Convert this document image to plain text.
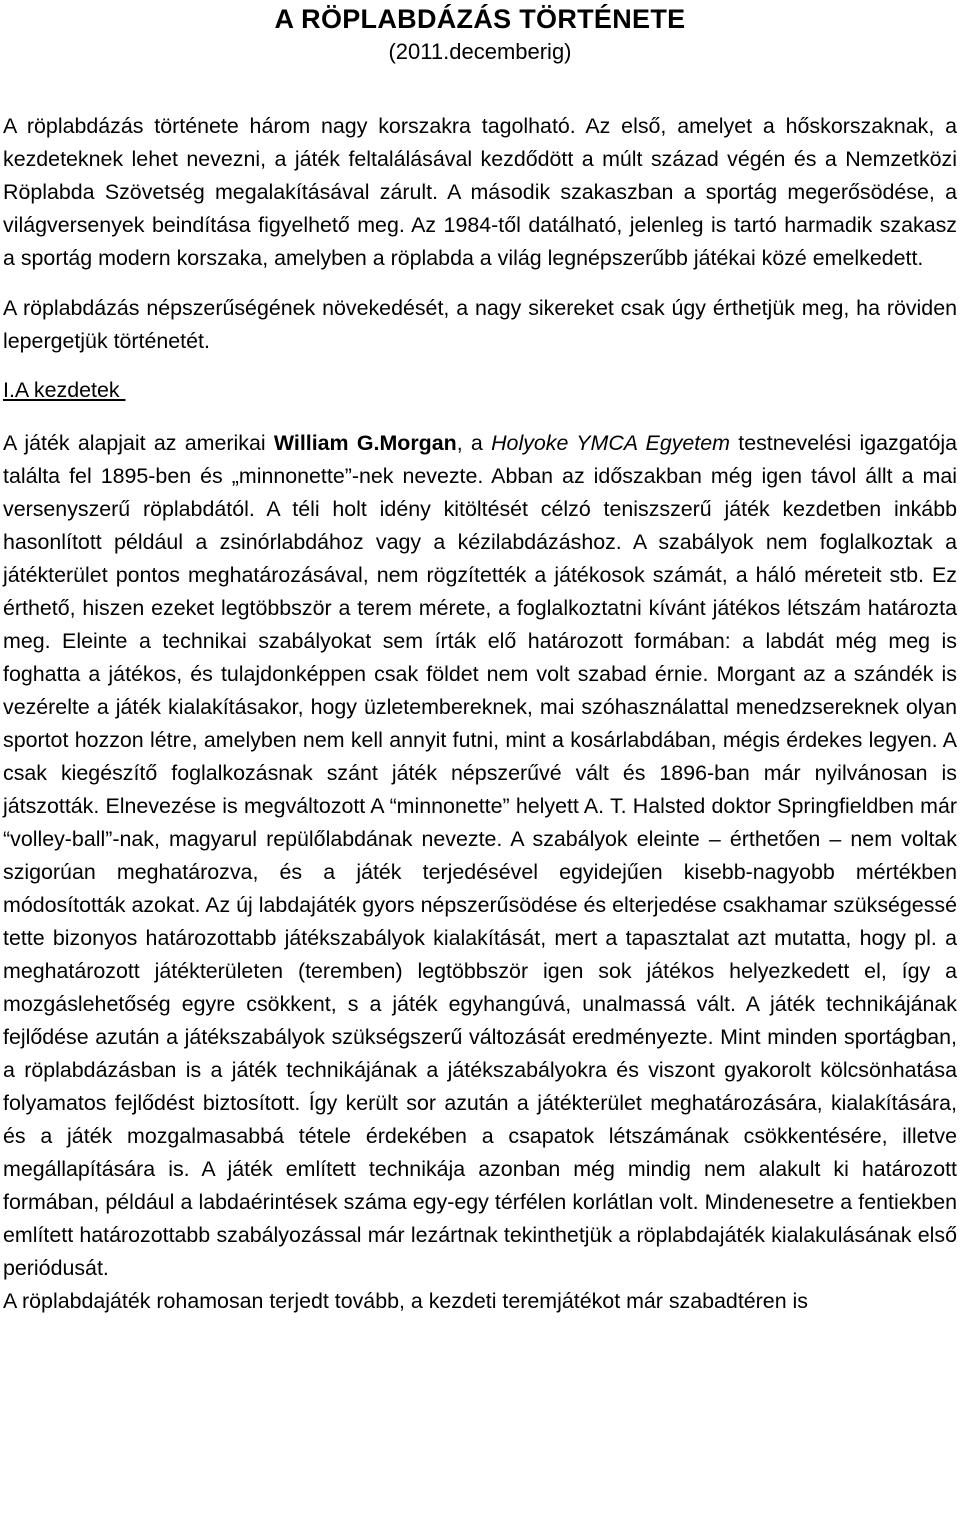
A RÖPLABDÁZÁS TÖRTÉNETE
(2011.decemberig)

A röplabdázás története három nagy korszakra tagolható. Az első, amelyet a hőskorszaknak, a kezdeteknek lehet nevezni, a játék feltalálásával kezdődött a múlt század végén és a Nemzetközi Röplabda Szövetség megalakításával zárult. A második szakaszban a sportág megerősödése, a világversenyek beindítása figyelhető meg. Az 1984-től datálható, jelenleg is tartó harmadik szakasz a sportág modern korszaka, amelyben a röplabda a világ legnépszerűbb játékai közé emelkedett.

A röplabdázás népszerűségének növekedését, a nagy sikereket csak úgy érthetjük meg, ha röviden lepergetjük történetét.

I.A kezdetek

A játék alapjait az amerikai William G.Morgan, a Holyoke YMCA Egyetem testnevelési igazgatója találta fel 1895-ben és „minnonette”-nek nevezte. Abban az időszakban még igen távol állt a mai versenyszerű röplabdától. A téli holt idény kitöltését célzó teniszszerű játék kezdetben inkább hasonlított például a zsinórlabdához vagy a kézilabdázáshoz. A szabályok nem foglalkoztak a játékterület pontos meghatározásával, nem rögzítették a játékosok számát, a háló méreteit stb. Ez érthető, hiszen ezeket legtöbbször a terem mérete, a foglalkoztatni kívánt játékos létszám határozta meg. Eleinte a technikai szabályokat sem írták elő határozott formában: a labdát még meg is foghatta a játékos, és tulajdonképpen csak földet nem volt szabad érnie. Morgant az a szándék is vezérelte a játék kialakításakor, hogy üzletembereknek, mai szóhasználattal menedzsereknek olyan sportot hozzon létre, amelyben nem kell annyit futni, mint a kosárlabdában, mégis érdekes legyen. A csak kiegészítő foglalkozásnak szánt játék népszerűvé vált és 1896-ban már nyilvánosan is játszották. Elnevezése is megváltozott A “minnonette” helyett A. T. Halsted doktor Springfieldben már “volley-ball”-nak, magyarul repülőlabdának nevezte. A szabályok eleinte – érthetően – nem voltak szigorúan meghatározva, és a játék terjedésével egyidejűen kisebb-nagyobb mértékben módosították azokat. Az új labdajáték gyors népszerűsödése és elterjedése csakhamar szükségessé tette bizonyos határozottabb játékszabályok kialakítását, mert a tapasztalat azt mutatta, hogy pl. a meghatározott játékterületen (teremben) legtöbbször igen sok játékos helyezkedett el, így a mozgáslehetőség egyre csökkent, s a játék egyhangúvá, unalmassá vált. A játék technikájának fejlődése azután a játékszabályok szükségszerű változását eredményezte. Mint minden sportágban, a röplabdázásban is a játék technikájának a játékszabályokra és viszont gyakorolt kölcsönhatása folyamatos fejlődést biztosított. Így került sor azután a játékterület meghatározására, kialakítására, és a játék mozgalmasabbá tétele érdekében a csapatok létszámának csökkentésére, illetve megállapítására is. A játék említett technikája azonban még mindig nem alakult ki határozott formában, például a labdaérintések száma egy-egy térfélen korlátlan volt. Mindenesetre a fentiekben említett határozottabb szabályozással már lezártnak tekinthetjük a röplabdajáték kialakulásának első periódusát.

A röplabdajáték rohamosan terjedt tovább, a kezdeti teremjátékot már szabadtéren is
